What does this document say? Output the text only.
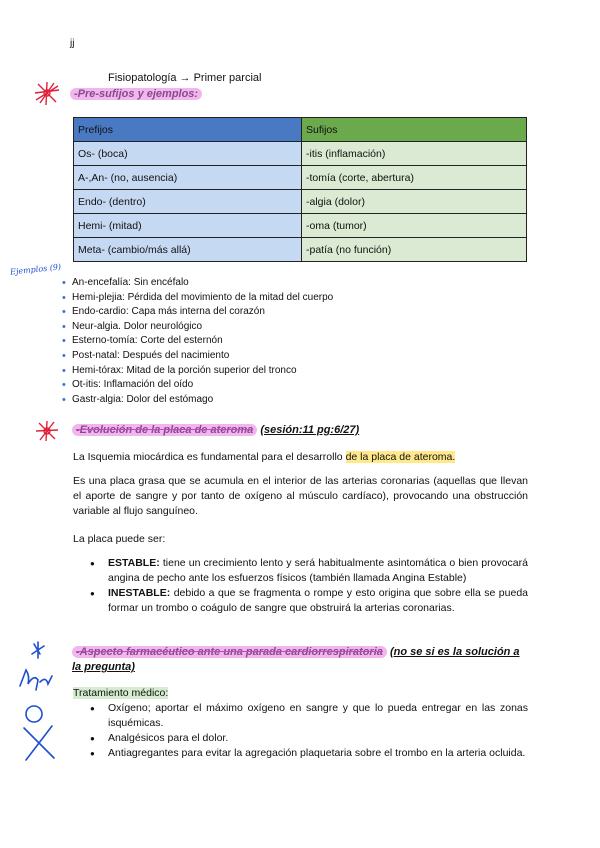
jj
Fisiopatología → Primer parcial
-Pre-sufijos y ejemplos:
Prefijos	Sufijos
Os- (boca)	-itis (inflamación)
A-,An- (no, ausencia)	-tomía (corte, abertura)
Endo- (dentro)	-algia (dolor)
Hemi- (mitad)	-oma (tumor)
Meta- (cambio/más allá)	-patía (no función)
Ejemplos (9)
• An-encefalía: Sin encéfalo
• Hemi-plejia: Pérdida del movimiento de la mitad del cuerpo
• Endo-cardio: Capa más interna del corazón
• Neur-algia. Dolor neurológico
• Esterno-tomía: Corte del esternón
• Post-natal: Después del nacimiento
• Hemi-tórax: Mitad de la porción superior del tronco
• Ot-itis: Inflamación del oído
• Gastr-algia: Dolor del estómago
-Evolución de la placa de ateroma (sesión:11 pg:6/27)
La Isquemia miocárdica es fundamental para el desarrollo de la placa de ateroma.
Es una placa grasa que se acumula en el interior de las arterias coronarias (aquellas que llevan el aporte de sangre y por tanto de oxígeno al músculo cardíaco), provocando una obstrucción variable al flujo sanguíneo.
La placa puede ser:
● ESTABLE: tiene un crecimiento lento y será habitualmente asintomática o bien provocará angina de pecho ante los esfuerzos físicos (también llamada Angina Estable)
● INESTABLE: debido a que se fragmenta o rompe y esto origina que sobre ella se pueda formar un trombo o coágulo de sangre que obstruirá la arterias coronarias.
-Aspecto farmacéutico ante una parada cardiorrespiratoria (no se si es la solución a la pregunta)
Tratamiento médico:
● Oxígeno; aportar el máximo oxígeno en sangre y que lo pueda entregar en las zonas isquémicas.
● Analgésicos para el dolor.
● Antiagregantes para evitar la agregación plaquetaria sobre el trombo en la arteria ocluida.
